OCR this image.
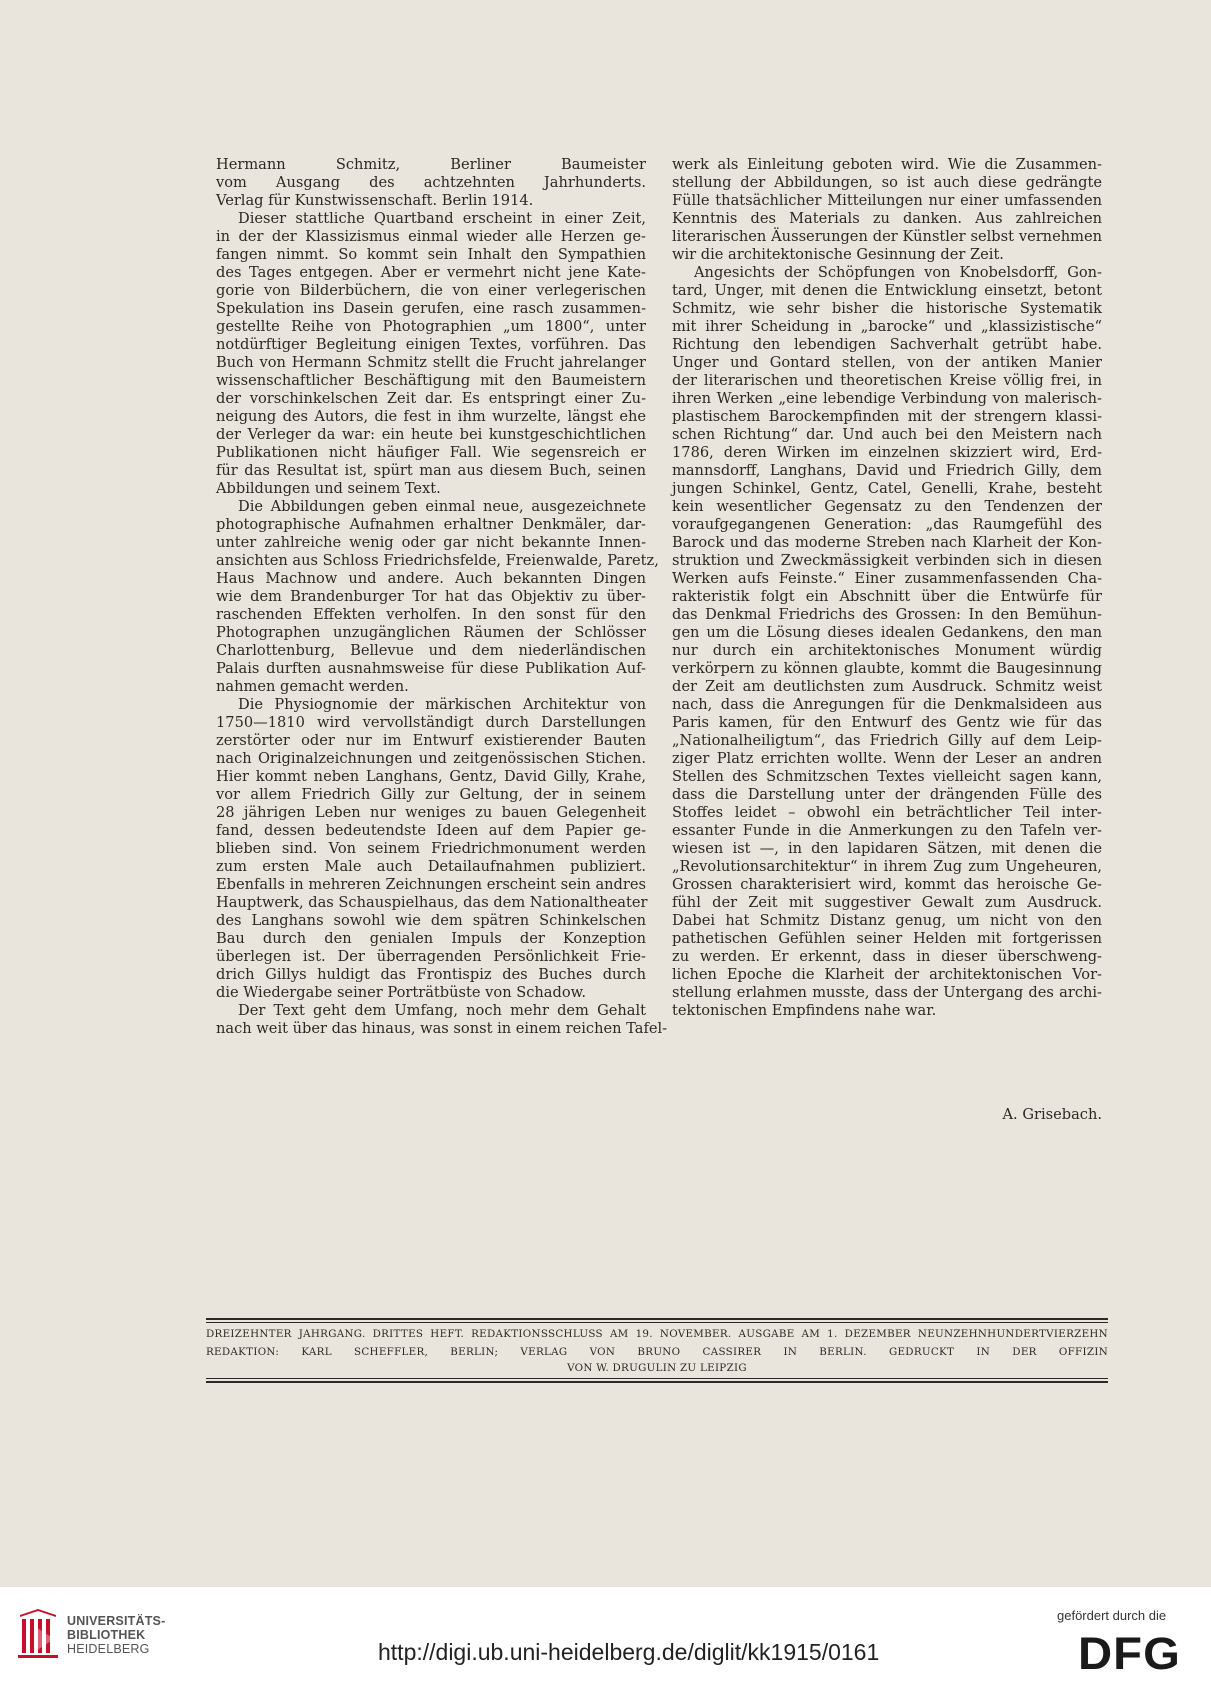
Hermann Schmitz, Berliner Baumeister
vom Ausgang des achtzehnten Jahrhunderts.
Verlag für Kunstwissenschaft. Berlin 1914.
Dieser stattliche Quartband erscheint in einer Zeit,
in der der Klassizismus einmal wieder alle Herzen ge-
fangen nimmt. So kommt sein Inhalt den Sympathien
des Tages entgegen. Aber er vermehrt nicht jene Kate-
gorie von Bilderbüchern, die von einer verlegerischen
Spekulation ins Dasein gerufen, eine rasch zusammen-
gestellte Reihe von Photographien „um 1800“, unter
notdürftiger Begleitung einigen Textes, vorführen. Das
Buch von Hermann Schmitz stellt die Frucht jahrelanger
wissenschaftlicher Beschäftigung mit den Baumeistern
der vorschinkelschen Zeit dar. Es entspringt einer Zu-
neigung des Autors, die fest in ihm wurzelte, längst ehe
der Verleger da war: ein heute bei kunstgeschichtlichen
Publikationen nicht häufiger Fall. Wie segensreich er
für das Resultat ist, spürt man aus diesem Buch, seinen
Abbildungen und seinem Text.
Die Abbildungen geben einmal neue, ausgezeichnete
photographische Aufnahmen erhaltner Denkmäler, dar-
unter zahlreiche wenig oder gar nicht bekannte Innen-
ansichten aus Schloss Friedrichsfelde, Freienwalde, Paretz,
Haus Machnow und andere. Auch bekannten Dingen
wie dem Brandenburger Tor hat das Objektiv zu über-
raschenden Effekten verholfen. In den sonst für den
Photographen unzugänglichen Räumen der Schlösser
Charlottenburg, Bellevue und dem niederländischen
Palais durften ausnahmsweise für diese Publikation Auf-
nahmen gemacht werden.
Die Physiognomie der märkischen Architektur von
1750—1810 wird vervollständigt durch Darstellungen
zerstörter oder nur im Entwurf existierender Bauten
nach Originalzeichnungen und zeitgenössischen Stichen.
Hier kommt neben Langhans, Gentz, David Gilly, Krahe,
vor allem Friedrich Gilly zur Geltung, der in seinem
28 jährigen Leben nur weniges zu bauen Gelegenheit
fand, dessen bedeutendste Ideen auf dem Papier ge-
blieben sind. Von seinem Friedrichmonument werden
zum ersten Male auch Detailaufnahmen publiziert.
Ebenfalls in mehreren Zeichnungen erscheint sein andres
Hauptwerk, das Schauspielhaus, das dem Nationaltheater
des Langhans sowohl wie dem spätren Schinkelschen
Bau durch den genialen Impuls der Konzeption
überlegen ist. Der überragenden Persönlichkeit Frie-
drich Gillys huldigt das Frontispiz des Buches durch
die Wiedergabe seiner Porträtbüste von Schadow.
Der Text geht dem Umfang, noch mehr dem Gehalt
nach weit über das hinaus, was sonst in einem reichen Tafel-
werk als Einleitung geboten wird. Wie die Zusammen-
stellung der Abbildungen, so ist auch diese gedrängte
Fülle thatsächlicher Mitteilungen nur einer umfassenden
Kenntnis des Materials zu danken. Aus zahlreichen
literarischen Äusserungen der Künstler selbst vernehmen
wir die architektonische Gesinnung der Zeit.
Angesichts der Schöpfungen von Knobelsdorff, Gon-
tard, Unger, mit denen die Entwicklung einsetzt, betont
Schmitz, wie sehr bisher die historische Systematik
mit ihrer Scheidung in „barocke“ und „klassizistische“
Richtung den lebendigen Sachverhalt getrübt habe.
Unger und Gontard stellen, von der antiken Manier
der literarischen und theoretischen Kreise völlig frei, in
ihren Werken „eine lebendige Verbindung von malerisch-
plastischem Barockempfinden mit der strengern klassi-
schen Richtung“ dar. Und auch bei den Meistern nach
1786, deren Wirken im einzelnen skizziert wird, Erd-
mannsdorff, Langhans, David und Friedrich Gilly, dem
jungen Schinkel, Gentz, Catel, Genelli, Krahe, besteht
kein wesentlicher Gegensatz zu den Tendenzen der
voraufgegangenen Generation: „das Raumgefühl des
Barock und das moderne Streben nach Klarheit der Kon-
struktion und Zweckmässigkeit verbinden sich in diesen
Werken aufs Feinste.“ Einer zusammenfassenden Cha-
rakteristik folgt ein Abschnitt über die Entwürfe für
das Denkmal Friedrichs des Grossen: In den Bemühun-
gen um die Lösung dieses idealen Gedankens, den man
nur durch ein architektonisches Monument würdig
verkörpern zu können glaubte, kommt die Baugesinnung
der Zeit am deutlichsten zum Ausdruck. Schmitz weist
nach, dass die Anregungen für die Denkmalsideen aus
Paris kamen, für den Entwurf des Gentz wie für das
„Nationalheiligtum“, das Friedrich Gilly auf dem Leip-
ziger Platz errichten wollte. Wenn der Leser an andren
Stellen des Schmitzschen Textes vielleicht sagen kann,
dass die Darstellung unter der drängenden Fülle des
Stoffes leidet – obwohl ein beträchtlicher Teil inter-
essanter Funde in die Anmerkungen zu den Tafeln ver-
wiesen ist —, in den lapidaren Sätzen, mit denen die
„Revolutionsarchitektur“ in ihrem Zug zum Ungeheuren,
Grossen charakterisiert wird, kommt das heroische Ge-
fühl der Zeit mit suggestiver Gewalt zum Ausdruck.
Dabei hat Schmitz Distanz genug, um nicht von den
pathetischen Gefühlen seiner Helden mit fortgerissen
zu werden. Er erkennt, dass in dieser überschweng-
lichen Epoche die Klarheit der architektonischen Vor-
stellung erlahmen musste, dass der Untergang des archi-
tektonischen Empfindens nahe war.
A. Grisebach.
DREIZEHNTER JAHRGANG. DRITTES HEFT. REDAKTIONSSCHLUSS AM 19. NOVEMBER. AUSGABE AM 1. DEZEMBER NEUNZEHNHUNDERTVIERZEHN
REDAKTION: KARL SCHEFFLER, BERLIN; VERLAG VON BRUNO CASSIRER IN BERLIN. GEDRUCKT IN DER OFFIZIN
VON W. DRUGULIN ZU LEIPZIG
UNIVERSITÄTS-
BIBLIOTHEK
HEIDELBERG	http://digi.ub.uni-heidelberg.de/diglit/kk1915/0161
gefördert durch die
DFG
